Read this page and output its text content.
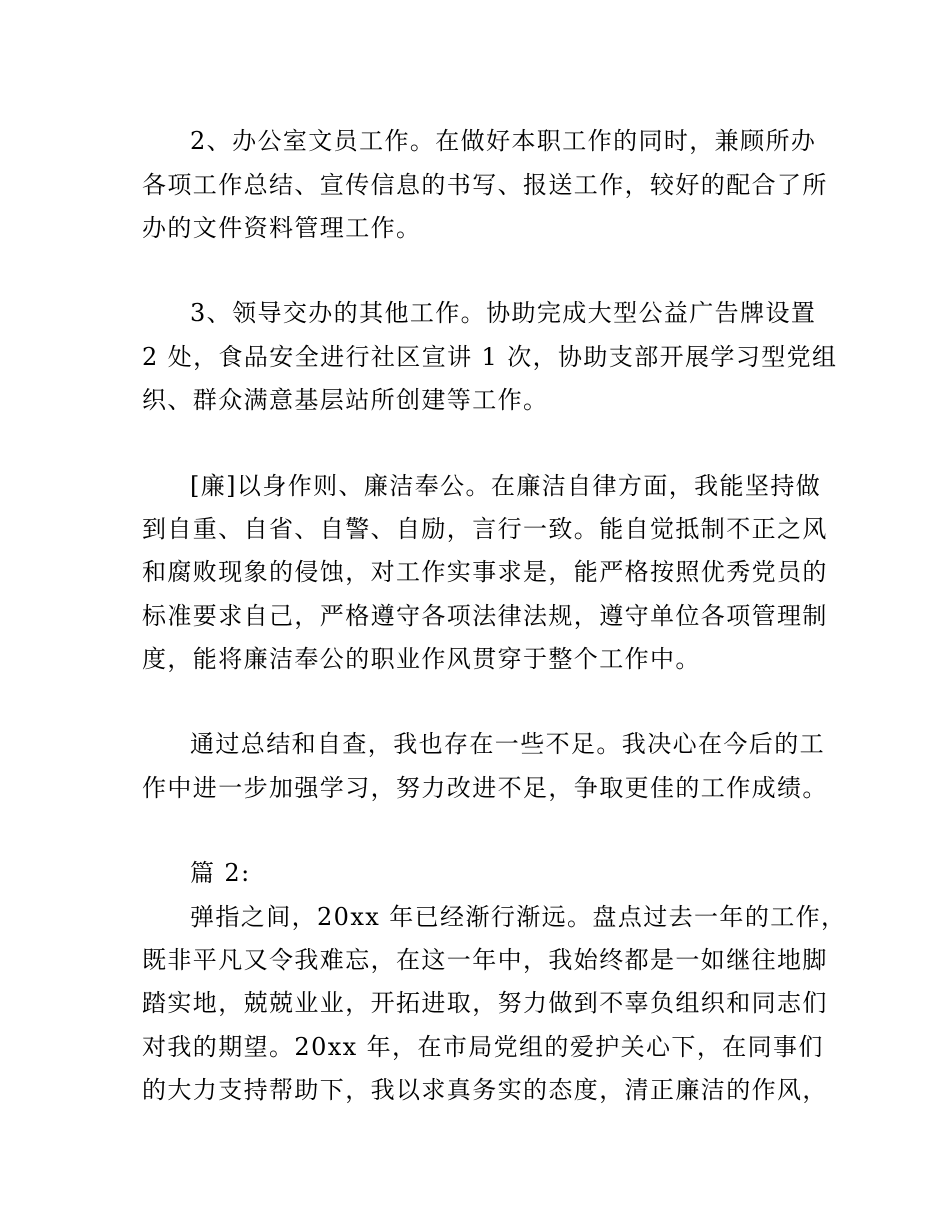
2、办公室文员工作。在做好本职工作的同时，兼顾所办
各项工作总结、宣传信息的书写、报送工作，较好的配合了所
办的文件资料管理工作。
3、领导交办的其他工作。协助完成大型公益广告牌设置
2 处，食品安全进行社区宣讲 1 次，协助支部开展学习型党组
织、群众满意基层站所创建等工作。
[廉]以身作则、廉洁奉公。在廉洁自律方面，我能坚持做
到自重、自省、自警、自励，言行一致。能自觉抵制不正之风
和腐败现象的侵蚀，对工作实事求是，能严格按照优秀党员的
标准要求自己，严格遵守各项法律法规，遵守单位各项管理制
度，能将廉洁奉公的职业作风贯穿于整个工作中。
通过总结和自查，我也存在一些不足。我决心在今后的工
作中进一步加强学习，努力改进不足，争取更佳的工作成绩。
篇 2:
弹指之间，20xx 年已经渐行渐远。盘点过去一年的工作，
既非平凡又令我难忘，在这一年中，我始终都是一如继往地脚
踏实地，兢兢业业，开拓进取，努力做到不辜负组织和同志们
对我的期望。20xx 年，在市局党组的爱护关心下，在同事们
的大力支持帮助下，我以求真务实的态度，清正廉洁的作风，
